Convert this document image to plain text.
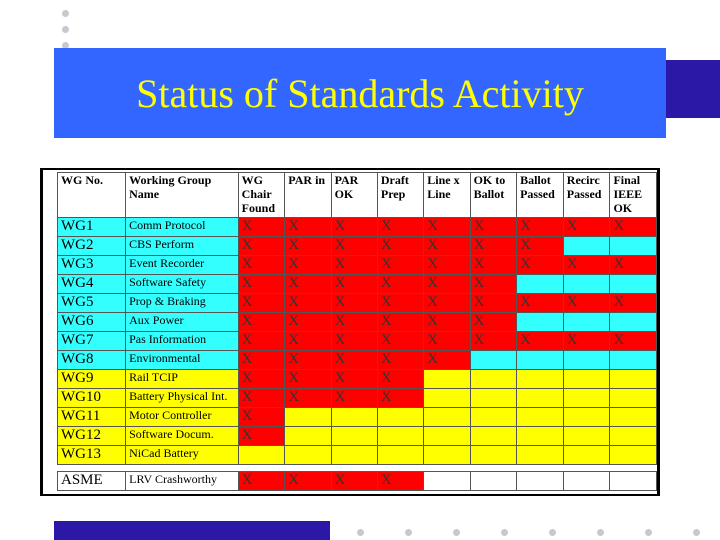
Status of Standards Activity
WG No.	Working Group Name	WG Chair Found	PAR in	PAR OK	Draft Prep	Line x Line	OK to Ballot	Ballot Passed	Recirc Passed	Final IEEE OK
WG1	Comm Protocol	X	X	X	X	X	X	X	X	X
WG2	CBS Perform	X	X	X	X	X	X	X		
WG3	Event Recorder	X	X	X	X	X	X	X	X	X
WG4	Software Safety	X	X	X	X	X	X			
WG5	Prop & Braking	X	X	X	X	X	X	X	X	X
WG6	Aux Power	X	X	X	X	X	X			
WG7	Pas Information	X	X	X	X	X	X	X	X	X
WG8	Environmental	X	X	X	X	X				
WG9	Rail TCIP	X	X	X	X					
WG10	Battery Physical Int.	X	X	X	X					
WG11	Motor Controller	X								
WG12	Software Docum.	X								
WG13	NiCad Battery									

ASME	LRV Crashworthy	X	X	X	X					
